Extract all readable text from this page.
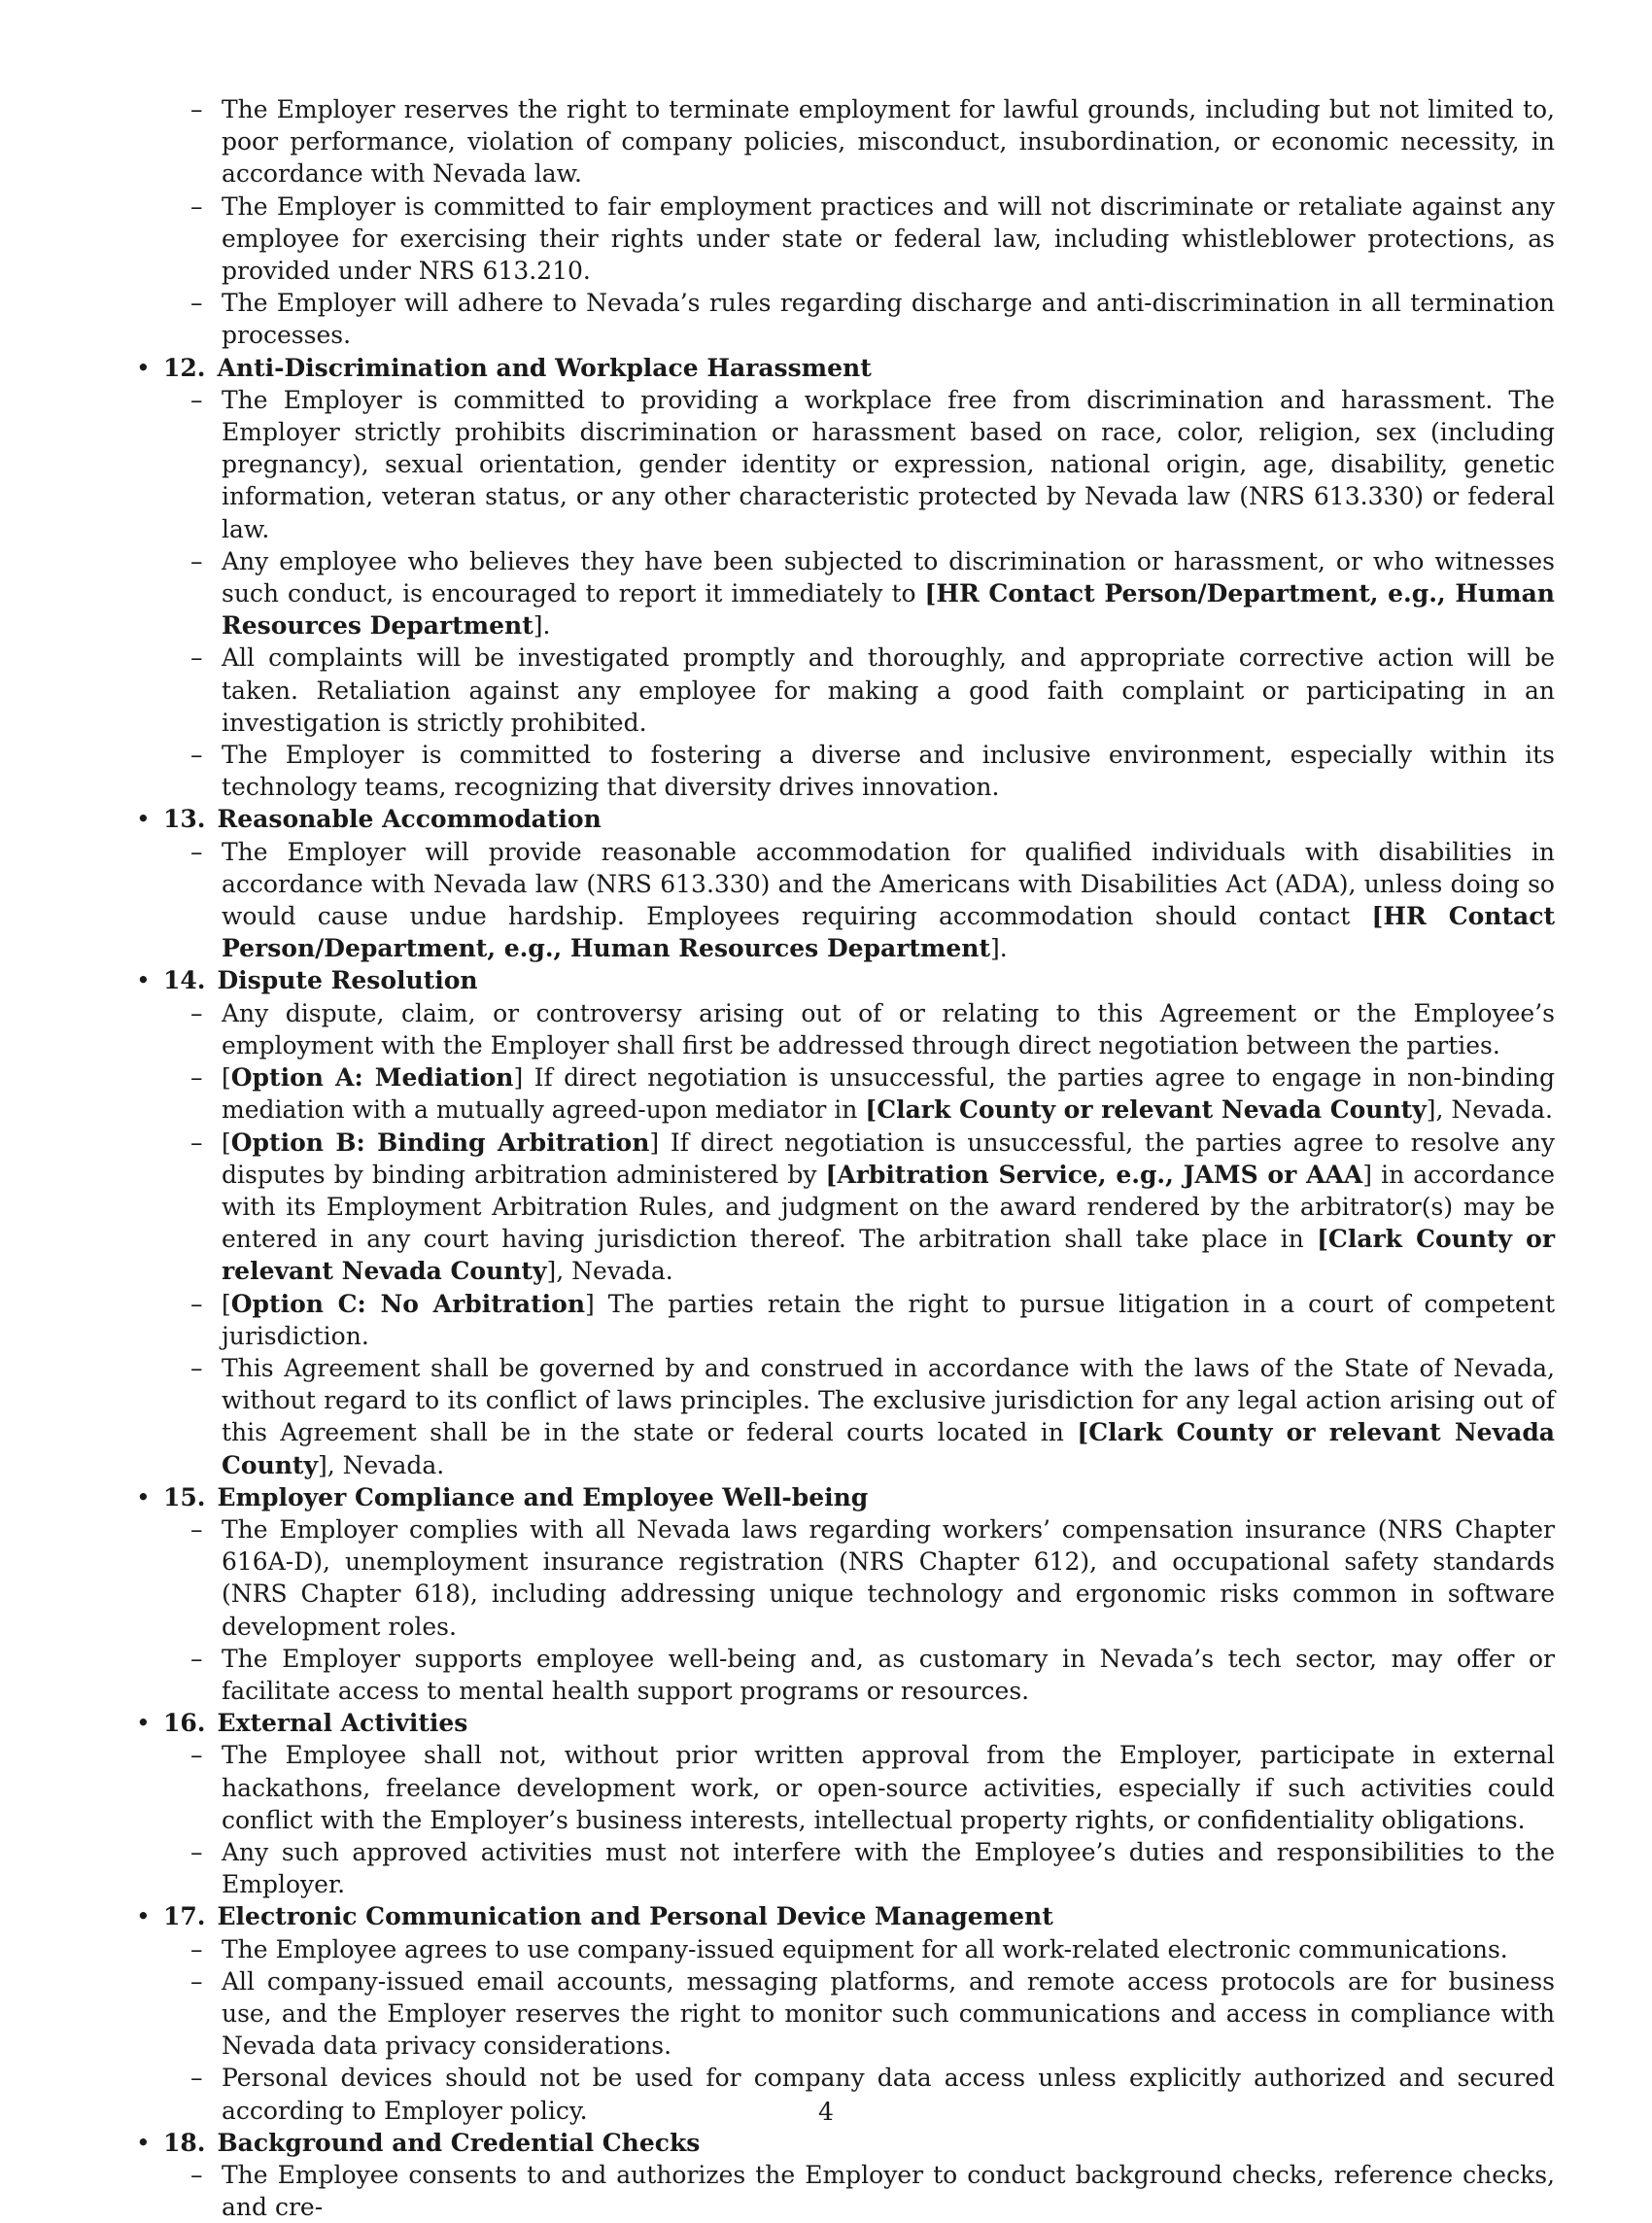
– The Employer reserves the right to terminate employment for lawful grounds, including but not limited to, poor performance, violation of company policies, misconduct, insubordination, or economic necessity, in accordance with Nevada law.
– The Employer is committed to fair employment practices and will not discriminate or retaliate against any employee for exercising their rights under state or federal law, including whistleblower protections, as provided under NRS 613.210.
– The Employer will adhere to Nevada’s rules regarding discharge and anti-discrimination in all termination processes.
• 12. Anti-Discrimination and Workplace Harassment
– The Employer is committed to providing a workplace free from discrimination and harassment. The Employer strictly prohibits discrimination or harassment based on race, color, religion, sex (including pregnancy), sexual orientation, gender identity or expression, national origin, age, disability, genetic information, veteran status, or any other characteristic protected by Nevada law (NRS 613.330) or federal law.
– Any employee who believes they have been subjected to discrimination or harassment, or who witnesses such conduct, is encouraged to report it immediately to [HR Contact Person/Department, e.g., Human Resources Department].
– All complaints will be investigated promptly and thoroughly, and appropriate corrective action will be taken. Retaliation against any employee for making a good faith complaint or participating in an investigation is strictly prohibited.
– The Employer is committed to fostering a diverse and inclusive environment, especially within its technology teams, recognizing that diversity drives innovation.
• 13. Reasonable Accommodation
– The Employer will provide reasonable accommodation for qualified individuals with disabilities in accordance with Nevada law (NRS 613.330) and the Americans with Disabilities Act (ADA), unless doing so would cause undue hardship. Employees requiring accommodation should contact [HR Contact Person/Department, e.g., Human Resources Department].
• 14. Dispute Resolution
– Any dispute, claim, or controversy arising out of or relating to this Agreement or the Employee’s employment with the Employer shall first be addressed through direct negotiation between the parties.
– [Option A: Mediation] If direct negotiation is unsuccessful, the parties agree to engage in non-binding mediation with a mutually agreed-upon mediator in [Clark County or relevant Nevada County], Nevada.
– [Option B: Binding Arbitration] If direct negotiation is unsuccessful, the parties agree to resolve any disputes by binding arbitration administered by [Arbitration Service, e.g., JAMS or AAA] in accordance with its Employment Arbitration Rules, and judgment on the award rendered by the arbitrator(s) may be entered in any court having jurisdiction thereof. The arbitration shall take place in [Clark County or relevant Nevada County], Nevada.
– [Option C: No Arbitration] The parties retain the right to pursue litigation in a court of competent jurisdiction.
– This Agreement shall be governed by and construed in accordance with the laws of the State of Nevada, without regard to its conflict of laws principles. The exclusive jurisdiction for any legal action arising out of this Agreement shall be in the state or federal courts located in [Clark County or relevant Nevada County], Nevada.
• 15. Employer Compliance and Employee Well-being
– The Employer complies with all Nevada laws regarding workers’ compensation insurance (NRS Chapter 616A-D), unemployment insurance registration (NRS Chapter 612), and occupational safety standards (NRS Chapter 618), including addressing unique technology and ergonomic risks common in software development roles.
– The Employer supports employee well-being and, as customary in Nevada’s tech sector, may offer or facilitate access to mental health support programs or resources.
• 16. External Activities
– The Employee shall not, without prior written approval from the Employer, participate in external hackathons, freelance development work, or open-source activities, especially if such activities could conflict with the Employer’s business interests, intellectual property rights, or confidentiality obligations.
– Any such approved activities must not interfere with the Employee’s duties and responsibilities to the Employer.
• 17. Electronic Communication and Personal Device Management
– The Employee agrees to use company-issued equipment for all work-related electronic communications.
– All company-issued email accounts, messaging platforms, and remote access protocols are for business use, and the Employer reserves the right to monitor such communications and access in compliance with Nevada data privacy considerations.
– Personal devices should not be used for company data access unless explicitly authorized and secured according to Employer policy.
• 18. Background and Credential Checks
– The Employee consents to and authorizes the Employer to conduct background checks, reference checks, and cre-
4
